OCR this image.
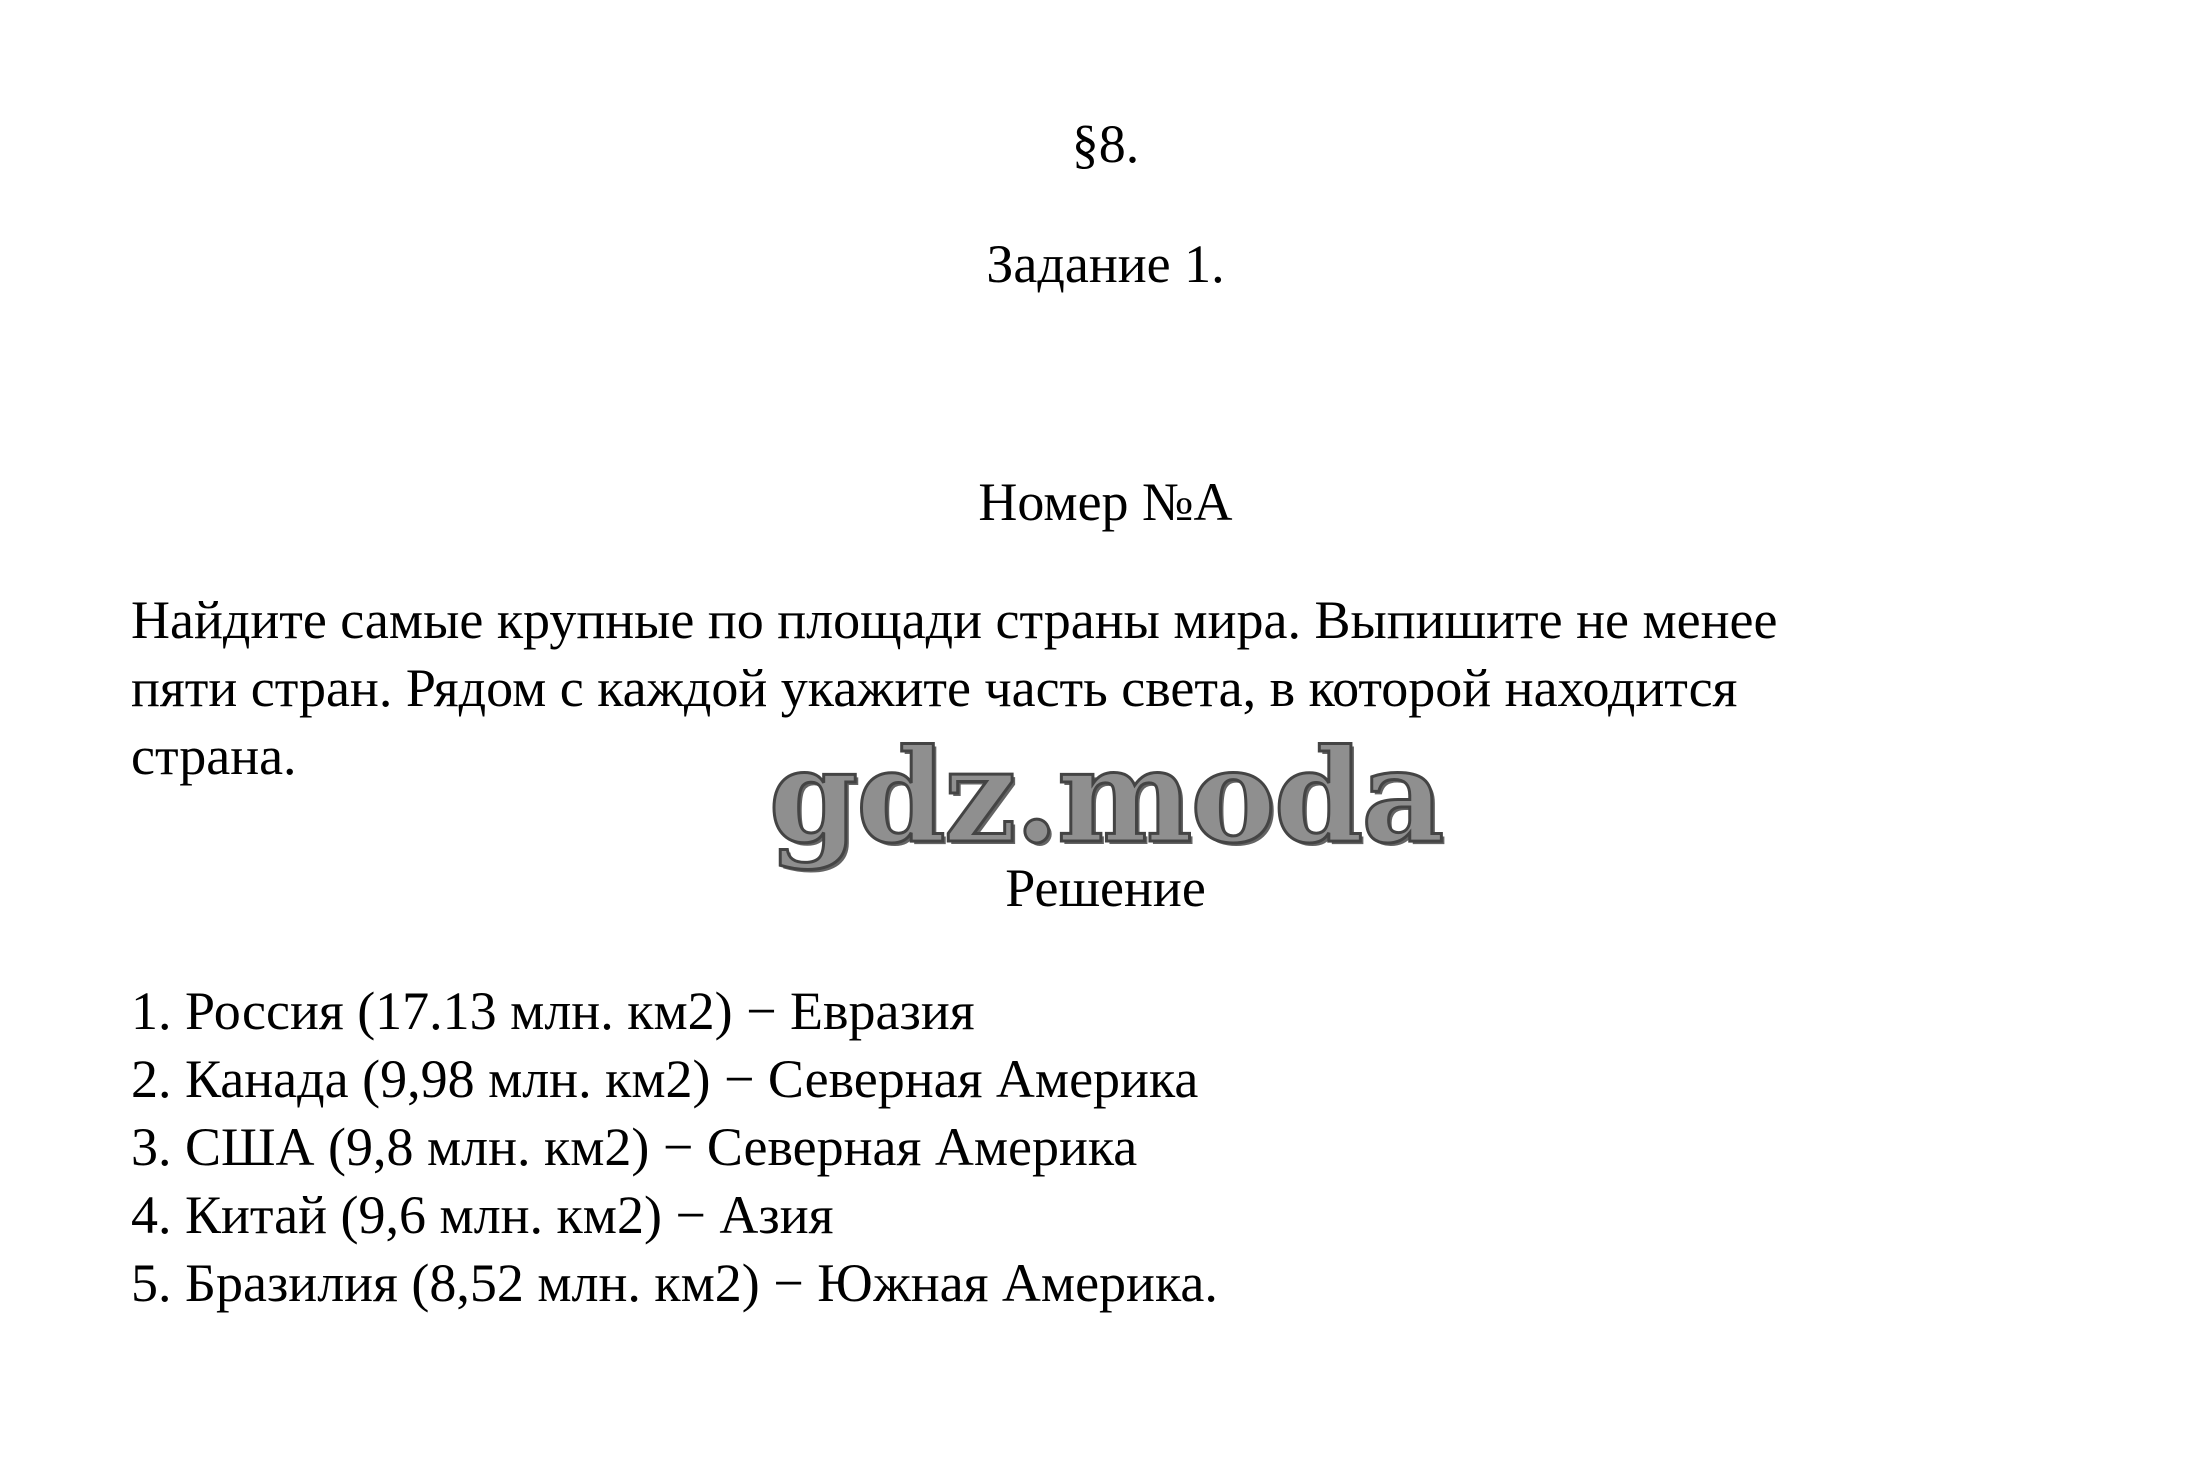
§8.
Задание 1.
Номер №А
Найдите самые крупные по площади страны мира. Выпишите не менее
пяти стран. Рядом с каждой укажите часть света, в которой находится
страна.	gdz.moda
Решение
1. Россия (17.13 млн. км2) − Евразия
2. Канада (9,98 млн. км2) − Северная Америка
3. США (9,8 млн. км2) − Северная Америка
4. Китай (9,6 млн. км2) − Азия
5. Бразилия (8,52 млн. км2) − Южная Америка.
